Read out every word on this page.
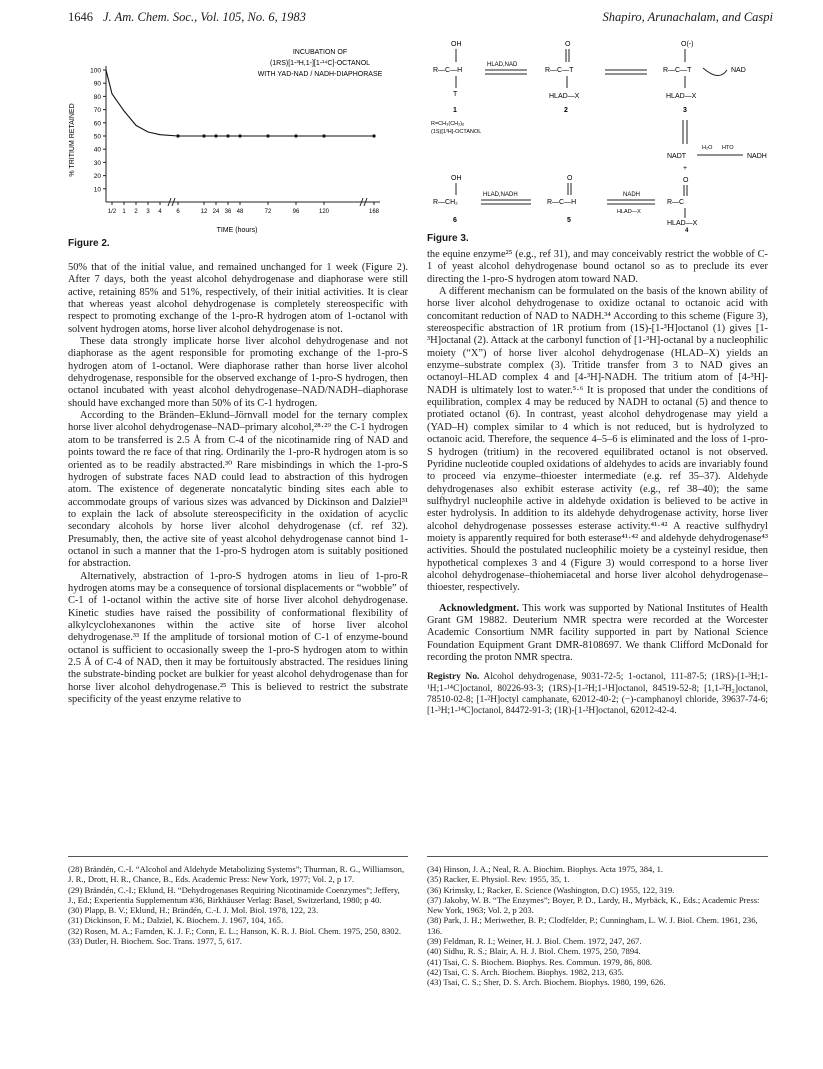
1646 J. Am. Chem. Soc., Vol. 105, No. 6, 1983	Shapiro, Arunachalam, and Caspi
INCUBATION OF
(1RS)[1-³H,1-][1-¹⁴C]-OCTANOL
WITH YAD-NAD / NADH-DIAPHORASE
% TRITIUM RETAINED
TIME (hours)
10
20
30
40
50
60
70
80
90
100
1/2 1 2 3 4 6	12 24 36 48	72	96	120	168
Figure 2.
OH
R—C—H
T
1
R=CH₃(CH₂)₆
(1S)[1³H]-OCTANOL
HLAD,NAD
O
R—C—T
HLAD—X
2
O(-)
R—C—T
HLAD—X
3
NAD
NADT
H₂O HTO
NADH
+
O
R—C
HLAD—X
4
NADH
HLAD—X
O
R—C—H
5
HLAD,NADH
OH
R—CH₂
6
Figure 3.

50% that of the initial value, and remained unchanged for 1 week (Figure 2). After 7 days, both the yeast alcohol dehydrogenase and diaphorase were still active, retaining 85% and 51%, respectively, of their initial activities. It is clear that whereas yeast alcohol dehydrogenase is completely stereospecific with respect to promoting exchange of the 1-pro-R hydrogen atom of 1-octanol with solvent hydrogen atoms, horse liver alcohol dehydrogenase is not.

These data strongly implicate horse liver alcohol dehydrogenase and not diaphorase as the agent responsible for promoting exchange of the 1-pro-S hydrogen atom of 1-octanol. Were diaphorase rather than horse liver alcohol dehydrogenase, responsible for the observed exchange of 1-pro-S hydrogen, then octanol incubated with yeast alcohol dehydrogenase–NAD/NADH–diaphorase should have exchanged more than 50% of its C-1 hydrogen.

According to the Bränden–Eklund–Jörnvall model for the ternary complex horse liver alcohol dehydrogenase–NAD–primary alcohol,²⁸·²⁹ the C-1 hydrogen atom to be transferred is 2.5 Å from C-4 of the nicotinamide ring of NAD and points toward the re face of that ring. Ordinarily the 1-pro-R hydrogen atom is so oriented as to be readily abstracted.³⁰ Rare misbindings in which the 1-pro-S hydrogen of substrate faces NAD could lead to abstraction of this hydrogen atom. The existence of degenerate noncatalytic binding sites each able to accommodate groups of various sizes was advanced by Dickinson and Dalziel³¹ to explain the lack of absolute stereospecificity in the oxidation of acyclic secondary alcohols by horse liver alcohol dehydrogenase (cf. ref 32). Presumably, then, the active site of yeast alcohol dehydrogenase cannot bind 1-octanol in such a manner that the 1-pro-S hydrogen atom is suitably positioned for abstraction.

Alternatively, abstraction of 1-pro-S hydrogen atoms in lieu of 1-pro-R hydrogen atoms may be a consequence of torsional displacements or “wobble” of C-1 of 1-octanol within the active site of horse liver alcohol dehydrogenase. Kinetic studies have raised the possibility of conformational flexibility of alkylcyclohexanones within the active site of horse liver alcohol dehydrogenase.³³ If the amplitude of torsional motion of C-1 of enzyme-bound octanol is sufficient to occasionally sweep the 1-pro-S hydrogen atom to within 2.5 Å of C-4 of NAD, then it may be fortuitously abstracted. The residues lining the substrate-binding pocket are bulkier for yeast alcohol dehydrogenase than for horse liver alcohol dehydrogenase.²⁵ This is believed to restrict the substrate specificity of the yeast enzyme relative to

the equine enzyme²⁵ (e.g., ref 31), and may conceivably restrict the wobble of C-1 of yeast alcohol dehydrogenase bound octanol so as to preclude its ever directing the 1-pro-S hydrogen atom toward NAD.

A different mechanism can be formulated on the basis of the known ability of horse liver alcohol dehydrogenase to oxidize octanal to octanoic acid with concomitant reduction of NAD to NADH.³⁴ According to this scheme (Figure 3), stereospecific abstraction of 1R protium from (1S)-[1-³H]octanol (1) gives [1-³H]octanal (2). Attack at the carbonyl function of [1-³H]-octanal by a nucleophilic moiety (“X”) of horse liver alcohol dehydrogenase (HLAD–X) yields an enzyme–substrate complex (3). Tritide transfer from 3 to NAD gives an octanoyl–HLAD complex 4 and [4-³H]-NADH. The tritium atom of [4-³H]-NADH is ultimately lost to water.⁵·⁶ It is proposed that under the conditions of equilibration, complex 4 may be reduced by NADH to octanal (5) and thence to protiated octanol (6). In contrast, yeast alcohol dehydrogenase may yield a (YAD–H) complex similar to 4 which is not reduced, but is hydrolyzed to octanoic acid. Therefore, the sequence 4–5–6 is eliminated and the loss of 1-pro-S hydrogen (tritium) in the recovered equilibrated octanol is not observed. Pyridine nucleotide coupled oxidations of aldehydes to acids are invariably found to proceed via enzyme–thioester intermediate (e.g. ref 35–37). Aldehyde dehydrogenases also exhibit esterase activity (e.g., ref 38–40); the same sulfhydryl nucleophile active in aldehyde oxidation is believed to be active in ester hydrolysis. In addition to its aldehyde dehydrogenase activity, horse liver alcohol dehydrogenase possesses esterase activity.⁴¹·⁴² A reactive sulfhydryl moiety is apparently required for both esterase⁴¹·⁴² and aldehyde dehydrogenase⁴³ activities. Should the postulated nucleophilic moiety be a cysteinyl residue, then hypothetical complexes 3 and 4 (Figure 3) would correspond to a horse liver alcohol dehydrogenase–thiohemiacetal and horse liver alcohol dehydrogenase–thioester, respectively.

Acknowledgment. This work was supported by National Institutes of Health Grant GM 19882. Deuterium NMR spectra were recorded at the Worcester Academic Consortium NMR facility supported in part by National Science Foundation Equipment Grant DMR-8108697. We thank Clifford McDonald for recording the proton NMR spectra.

Registry No. Alcohol dehydrogenase, 9031-72-5; 1-octanol, 111-87-5; (1RS)-[1-³H;1-¹H;1-¹⁴C]octanol, 80226-93-3; (1RS)-[1-²H;1-¹H]octanol, 84519-52-8; [1,1-²H₂]octanol, 78510-02-8; [1-²H]octyl camphanate, 62012-40-2; (−)-camphanoyl chloride, 39637-74-6; [1-³H;1-¹⁴C]octanol, 84472-91-3; (1R)-[1-²H]octanol, 62012-42-4.
(28) Brändén, C.-I. “Alcohol and Aldehyde Metabolizing Systems”; Thurman, R. G., Williamson, J. R., Drott, H. R., Chance, B., Eds. Academic Press: New York, 1977; Vol. 2, p 17.
(29) Brändén, C.-I.; Eklund, H. “Dehydrogenases Requiring Nicotinamide Coenzymes”; Jeffery, J., Ed.; Experientia Supplementum #36, Birkhäuser Verlag: Basel, Switzerland, 1980; p 40.
(30) Plapp, B. V.; Eklund, H.; Brändén, C.-I. J. Mol. Biol. 1978, 122, 23.
(31) Dickinson, F. M.; Dalziel, K. Biochem. J. 1967, 104, 165.
(32) Rosen, M. A.; Farnden, K. J. F.; Conn, E. L.; Hanson, K. R. J. Biol. Chem. 1975, 250, 8302.
(33) Dutler, H. Biochem. Soc. Trans. 1977, 5, 617.
(34) Hinson, J. A.; Neal, R. A. Biochim. Biophys. Acta 1975, 384, 1.
(35) Racker, E. Physiol. Rev. 1955, 35, 1.
(36) Krimsky, I.; Racker, E. Science (Washington, D.C) 1955, 122, 319.
(37) Jakoby, W. B. “The Enzymes”; Boyer, P. D., Lardy, H., Myrbäck, K., Eds.; Academic Press: New York, 1963; Vol. 2, p 203.
(38) Park, J. H.; Meriwether, B. P.; Clodfelder, P.; Cunningham, L. W. J. Biol. Chem. 1961, 236, 136.
(39) Feldman, R. I.; Weiner, H. J. Biol. Chem. 1972, 247, 267.
(40) Sidhu, R. S.; Blair, A. H. J. Biol. Chem. 1975, 250, 7894.
(41) Tsai, C. S. Biochem. Biophys. Res. Commun. 1979, 86, 808.
(42) Tsai, C. S. Arch. Biochem. Biophys. 1982, 213, 635.
(43) Tsai, C. S.; Sher, D. S. Arch. Biochem. Biophys. 1980, 199, 626.
